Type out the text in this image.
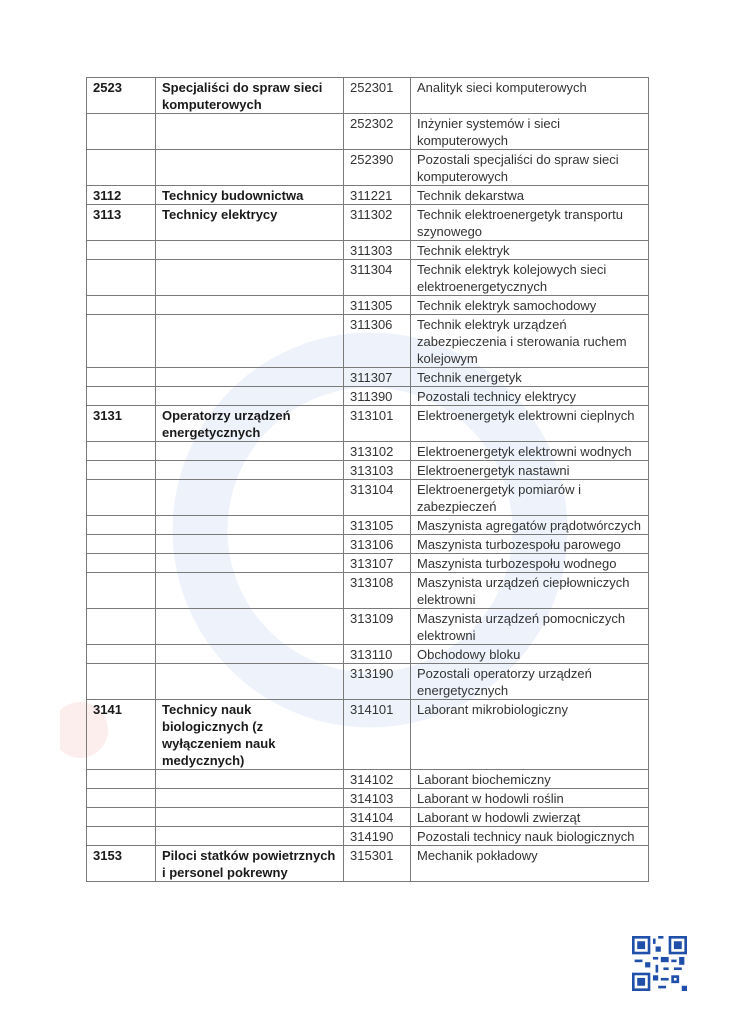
2523	Specjaliści do spraw sieci komputerowych	252301	Analityk sieci komputerowych
		252302	Inżynier systemów i sieci komputerowych
		252390	Pozostali specjaliści do spraw sieci komputerowych
3112	Technicy budownictwa	311221	Technik dekarstwa
3113	Technicy elektrycy	311302	Technik elektroenergetyk transportu szynowego
		311303	Technik elektryk
		311304	Technik elektryk kolejowych sieci elektroenergetycznych
		311305	Technik elektryk samochodowy
		311306	Technik elektryk urządzeń zabezpieczenia i sterowania ruchem kolejowym
		311307	Technik energetyk
		311390	Pozostali technicy elektrycy
3131	Operatorzy urządzeń energetycznych	313101	Elektroenergetyk elektrowni cieplnych
		313102	Elektroenergetyk elektrowni wodnych
		313103	Elektroenergetyk nastawni
		313104	Elektroenergetyk pomiarów i zabezpieczeń
		313105	Maszynista agregatów prądotwórczych
		313106	Maszynista turbozespołu parowego
		313107	Maszynista turbozespołu wodnego
		313108	Maszynista urządzeń ciepłowniczych elektrowni
		313109	Maszynista urządzeń pomocniczych elektrowni
		313110	Obchodowy bloku
		313190	Pozostali operatorzy urządzeń energetycznych
3141	Technicy nauk biologicznych (z wyłączeniem nauk medycznych)	314101	Laborant mikrobiologiczny
		314102	Laborant biochemiczny
		314103	Laborant w hodowli roślin
		314104	Laborant w hodowli zwierząt
		314190	Pozostali technicy nauk biologicznych
3153	Piloci statków powietrznych i personel pokrewny	315301	Mechanik pokładowy
